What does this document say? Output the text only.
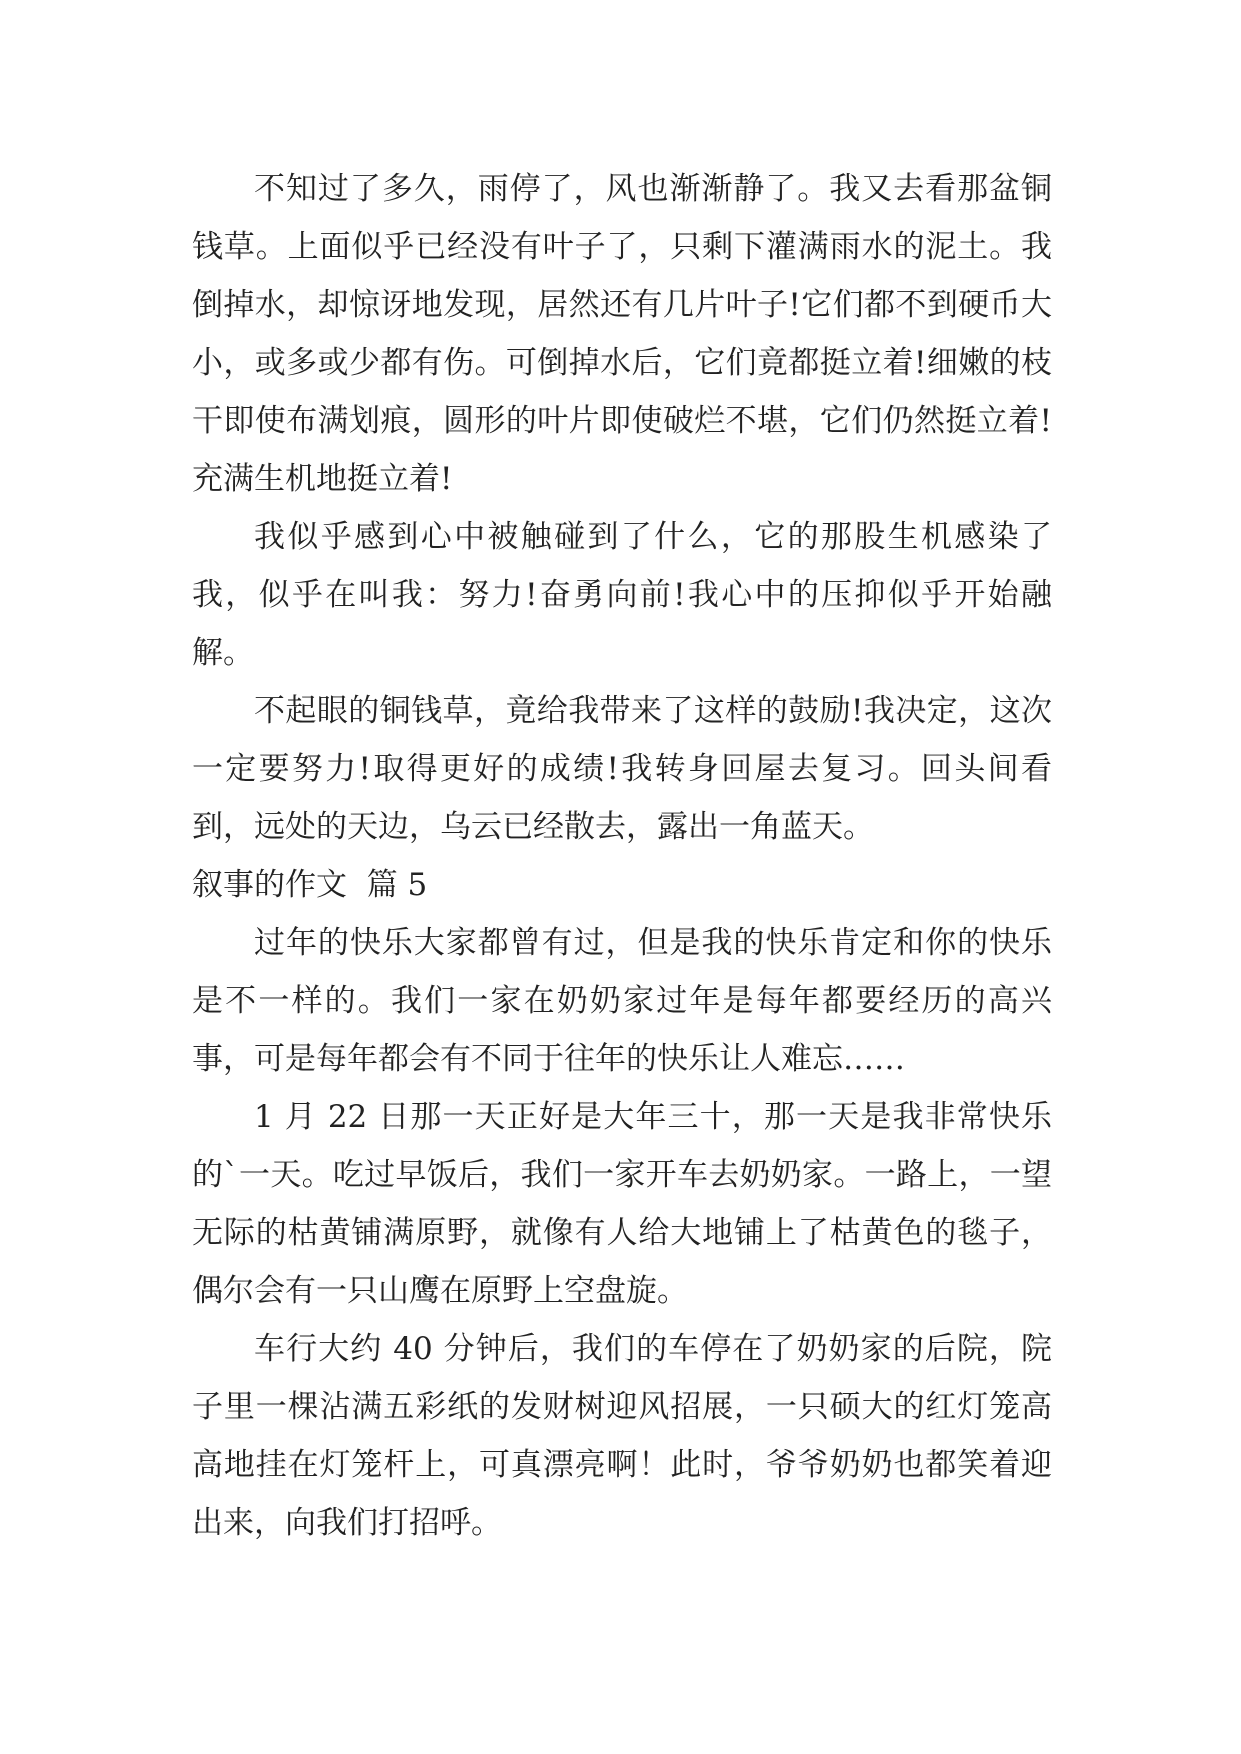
不知过了多久，雨停了，风也渐渐静了。我又去看那盆铜钱草。上面似乎已经没有叶子了，只剩下灌满雨水的泥土。我倒掉水，却惊讶地发现，居然还有几片叶子!它们都不到硬币大小，或多或少都有伤。可倒掉水后，它们竟都挺立着!细嫩的枝干即使布满划痕，圆形的叶片即使破烂不堪，它们仍然挺立着!充满生机地挺立着!

我似乎感到心中被触碰到了什么，它的那股生机感染了我，似乎在叫我：努力!奋勇向前!我心中的压抑似乎开始融解。

不起眼的铜钱草，竟给我带来了这样的鼓励!我决定，这次一定要努力!取得更好的成绩!我转身回屋去复习。回头间看到，远处的天边，乌云已经散去，露出一角蓝天。

叙事的作文  篇 5

过年的快乐大家都曾有过，但是我的快乐肯定和你的快乐是不一样的。我们一家在奶奶家过年是每年都要经历的高兴事，可是每年都会有不同于往年的快乐让人难忘……

1 月 22 日那一天正好是大年三十，那一天是我非常快乐的`一天。吃过早饭后，我们一家开车去奶奶家。一路上，一望无际的枯黄铺满原野，就像有人给大地铺上了枯黄色的毯子，偶尔会有一只山鹰在原野上空盘旋。

车行大约 40 分钟后，我们的车停在了奶奶家的后院，院子里一棵沾满五彩纸的发财树迎风招展，一只硕大的红灯笼高高地挂在灯笼杆上，可真漂亮啊！此时，爷爷奶奶也都笑着迎出来，向我们打招呼。
